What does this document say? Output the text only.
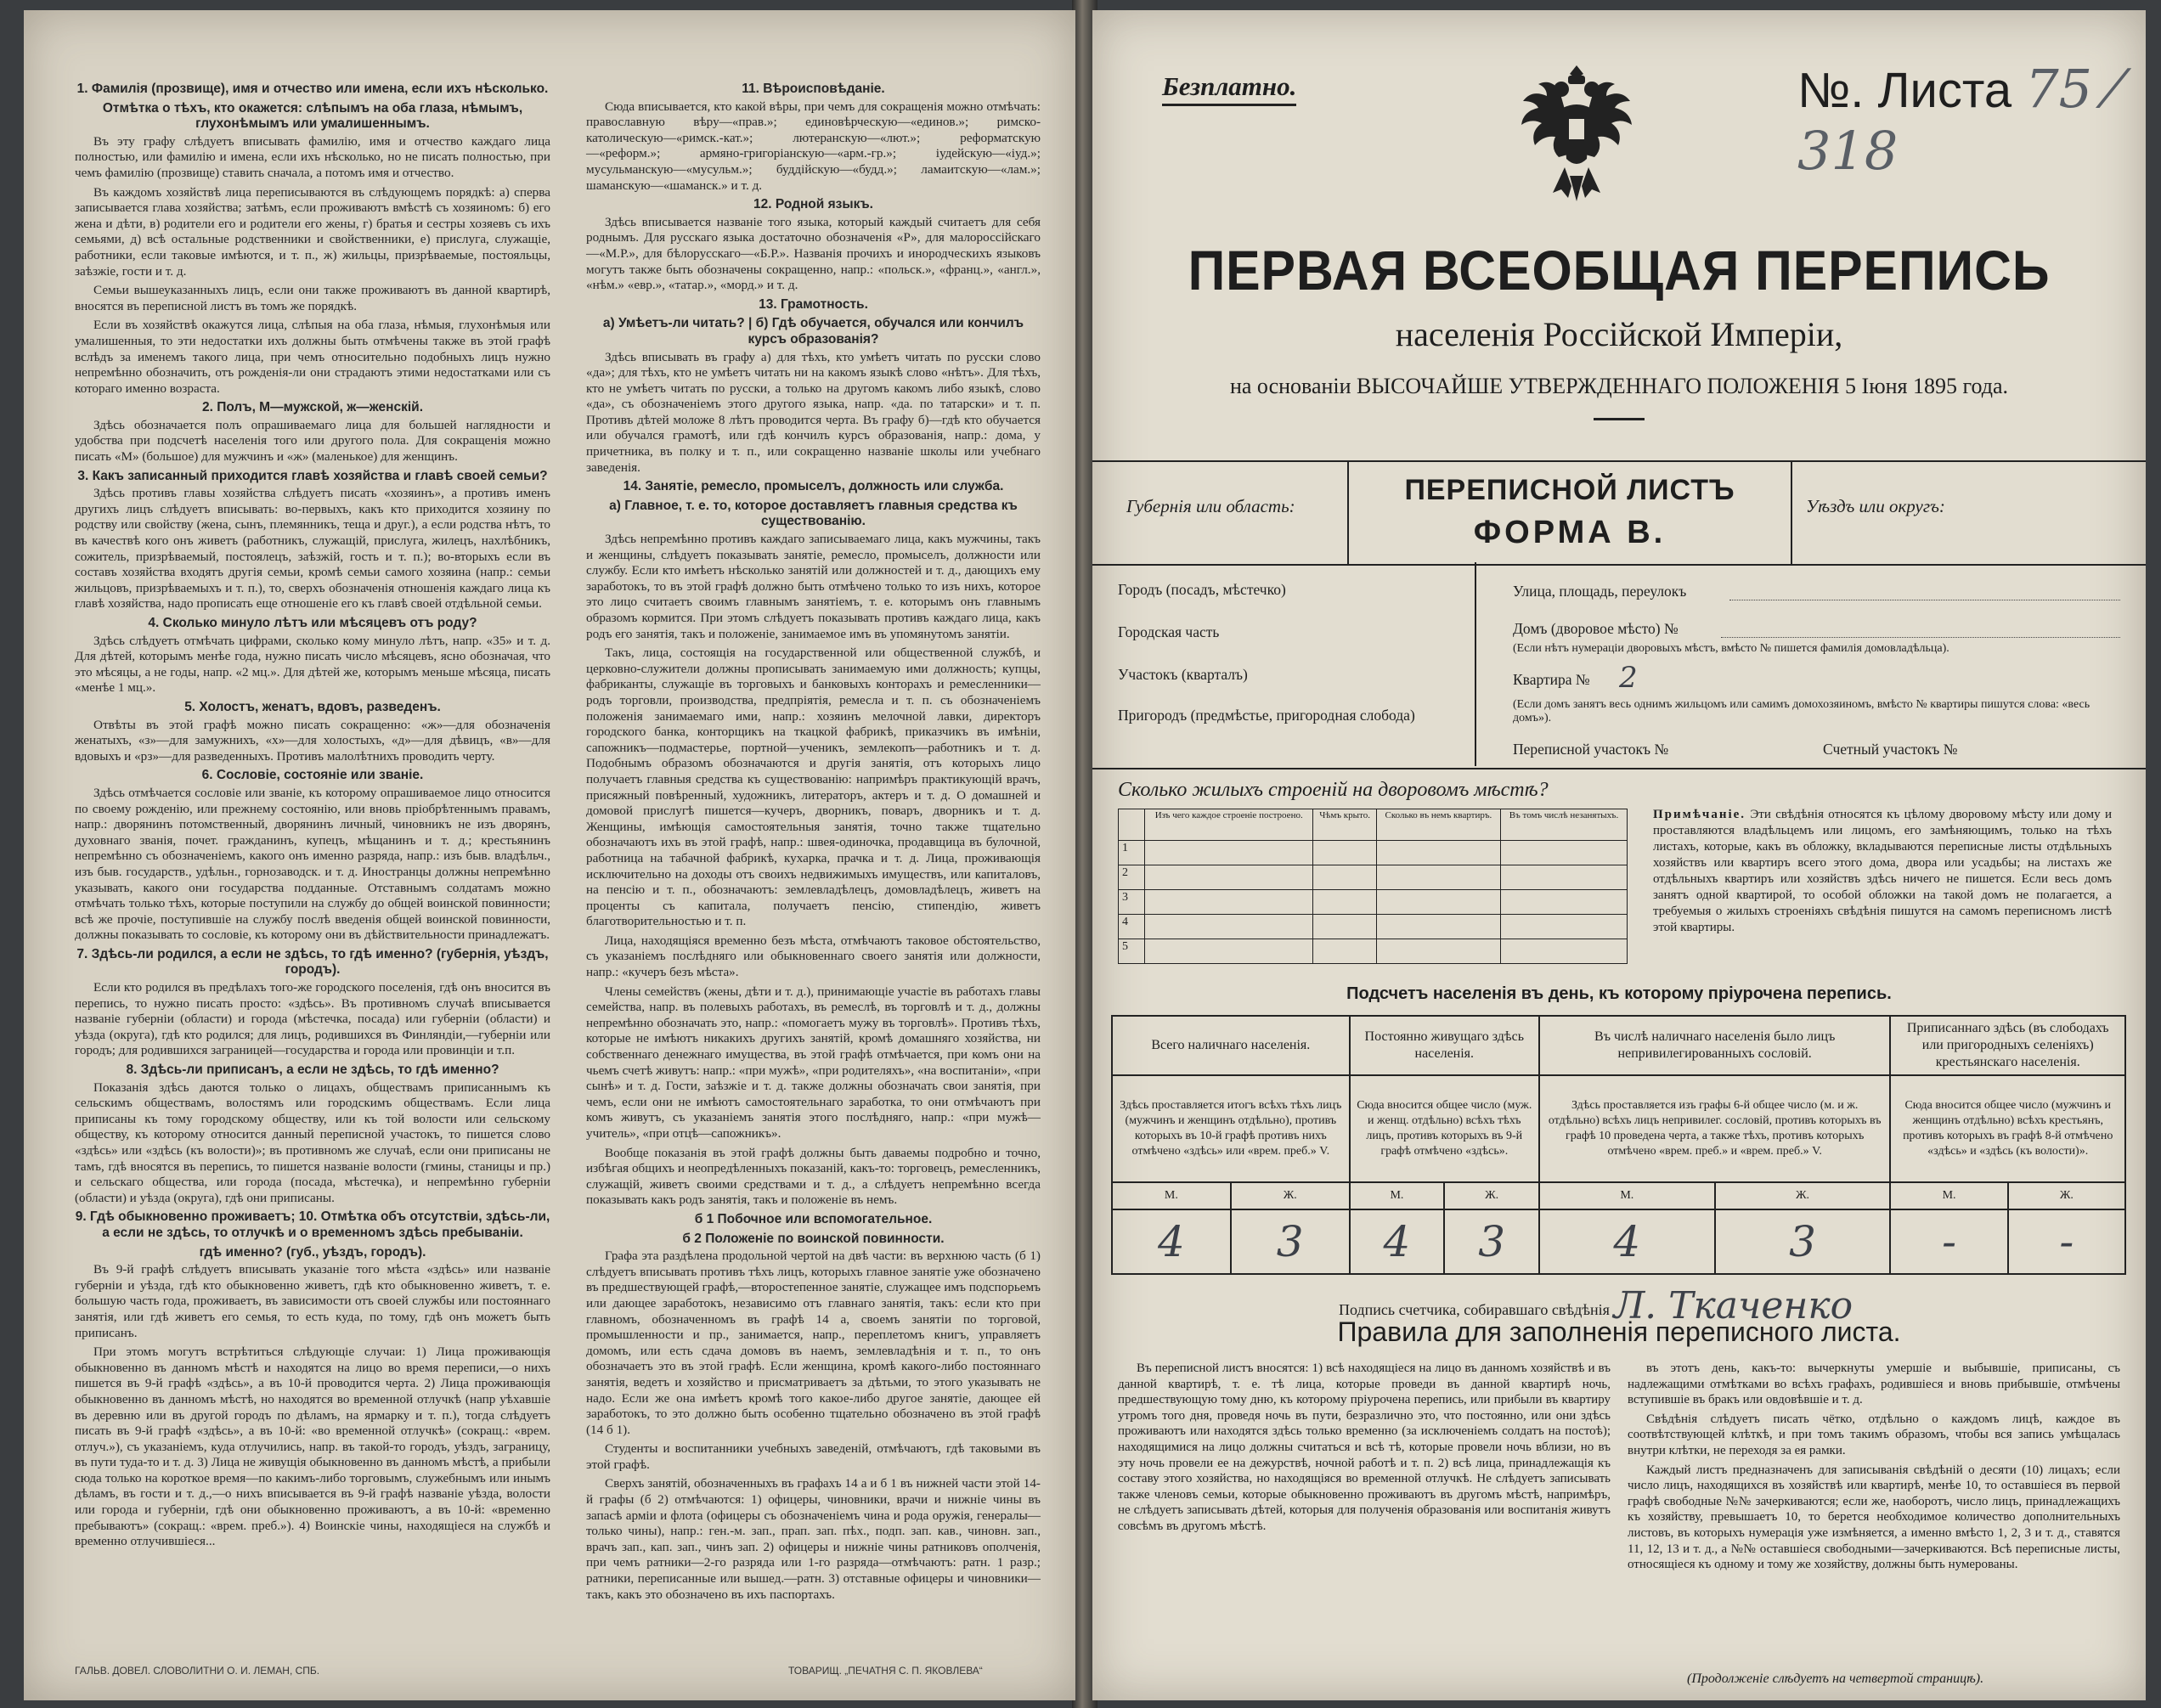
1. Фамилія (прозвище), имя и отчество или имена, если ихъ нѣсколько.
Отмѣтка о тѣхъ, кто окажется: слѣпымъ на оба глаза, нѣмымъ, глухонѣмымъ или умалишеннымъ.

Въ эту графу слѣдуетъ вписывать фамилію, имя и отчество каждаго лица полностью, или фамилію и имена, если ихъ нѣсколько, но не писать полностью, при чемъ фамилію (прозвище) ставить сначала, а потомъ имя и отчество.

Въ каждомъ хозяйствѣ лица переписываются въ слѣдующемъ порядкѣ: а) сперва записывается глава хозяйства; затѣмъ, если проживаютъ вмѣстѣ съ хозяиномъ: б) его жена и дѣти, в) родители его и родители его жены, г) братья и сестры хозяевъ съ ихъ семьями, д) всѣ остальные родственники и свойственники, е) прислуга, служащіе, работники, если таковые имѣются, и т. п., ж) жильцы, призрѣваемые, постояльцы, заѣзжіе, гости и т. д.

Семьи вышеуказанныхъ лицъ, если они также проживаютъ въ данной квартирѣ, вносятся въ переписной листъ въ томъ же порядкѣ.

Если въ хозяйствѣ окажутся лица, слѣпыя на оба глаза, нѣмыя, глухонѣмыя или умалишенныя, то эти недостатки ихъ должны быть отмѣчены также въ этой графѣ вслѣдъ за именемъ такого лица, при чемъ относительно подобныхъ лицъ нужно непремѣнно обозначить, отъ рожденія-ли они страдаютъ этими недостатками или съ котораго именно возраста.

2. Полъ, М—мужской, ж—женскій.

Здѣсь обозначается полъ опрашиваемаго лица для большей наглядности и удобства при подсчетѣ населенія того или другого пола. Для сокращенія можно писать «М» (большое) для мужчинъ и «ж» (маленькое) для женщинъ.

3. Какъ записанный приходится главѣ хозяйства и главѣ своей семьи?

Здѣсь противъ главы хозяйства слѣдуетъ писать «хозяинъ», а противъ именъ другихъ лицъ слѣдуетъ вписывать: во-первыхъ, какъ кто приходится хозяину по родству или свойству (жена, сынъ, племянникъ, теща и друг.), а если родства нѣтъ, то въ качествѣ кого онъ живетъ (работникъ, служащій, прислуга, жилецъ, нахлѣбникъ, сожитель, призрѣваемый, постоялецъ, заѣзжій, гость и т. п.); во-вторыхъ если въ составъ хозяйства входятъ другія семьи, кромѣ семьи самого хозяина (напр.: семьи жильцовъ, призрѣваемыхъ и т. п.), то, сверхъ обозначенія отношенія каждаго лица къ главѣ хозяйства, надо прописать еще отношеніе его къ главѣ своей отдѣльной семьи.

4. Сколько минуло лѣтъ или мѣсяцевъ отъ роду?

Здѣсь слѣдуетъ отмѣчать цифрами, сколько кому минуло лѣтъ, напр. «35» и т. д. Для дѣтей, которымъ менѣе года, нужно писать число мѣсяцевъ, ясно обозначая, что это мѣсяцы, а не годы, напр. «2 мц.». Для дѣтей же, которымъ меньше мѣсяца, писать «менѣе 1 мц.».

5. Холостъ, женатъ, вдовъ, разведенъ.

Отвѣты въ этой графѣ можно писать сокращенно: «ж»—для обозначенія женатыхъ, «з»—для замужнихъ, «х»—для холостыхъ, «д»—для дѣвицъ, «в»—для вдовыхъ и «рз»—для разведенныхъ. Противъ малолѣтнихъ проводить черту.

6. Сословіе, состояніе или званіе.

Здѣсь отмѣчается сословіе или званіе, къ которому опрашиваемое лицо относится по своему рожденію, или прежнему состоянію, или вновь пріобрѣтеннымъ правамъ, напр.: дворянинъ потомственный, дворянинъ личный, чиновникъ не изъ дворянъ, духовнаго званія, почет. гражданинъ, купецъ, мѣщанинъ и т. д.; крестьянинъ непремѣнно съ обозначеніемъ, какого онъ именно разряда, напр.: изъ быв. владѣльч., изъ быв. государств., удѣльн., горнозаводск. и т. д. Иностранцы должны непремѣнно указывать, какого они государства подданные. Отставнымъ солдатамъ можно отмѣчать только тѣхъ, которые поступили на службу до общей воинской повинности; всѣ же прочіе, поступившіе на службу послѣ введенія общей воинской повинности, должны показывать то сословіе, къ которому они въ дѣйствительности принадлежатъ.

7. Здѣсь-ли родился, а если не здѣсь, то гдѣ именно? (губернія, уѣздъ, городъ).

Если кто родился въ предѣлахъ того-же городского поселенія, гдѣ онъ вносится въ перепись, то нужно писать просто: «здѣсь». Въ противномъ случаѣ вписывается названіе губерніи (области) и города (мѣстечка, посада) или губерніи (области) и уѣзда (округа), гдѣ кто родился; для лицъ, родившихся въ Финляндіи,—губерніи или городъ; для родившихся заграницей—государства и города или провинціи и т.п.

8. Здѣсь-ли приписанъ, а если не здѣсь, то гдѣ именно?

Показанія здѣсь даются только о лицахъ, обществамъ приписаннымъ къ сельскимъ обществамъ, волостямъ или городскимъ обществамъ. Если лица приписаны къ тому городскому обществу, или къ той волости или сельскому обществу, къ которому относится данный переписной участокъ, то пишется слово «здѣсь» или «здѣсь (къ волости)»; въ противномъ же случаѣ, если они приписаны не тамъ, гдѣ вносятся въ перепись, то пишется названіе волости (гмины, станицы и пр.) и сельскаго общества, или города (посада, мѣстечка), и непремѣнно губерніи (области) и уѣзда (округа), гдѣ они приписаны.

9. Гдѣ обыкновенно проживаетъ; 10. Отмѣтка объ отсутствіи, здѣсь-ли, а если не здѣсь, то отлучкѣ и о временномъ здѣсь пребываніи.
гдѣ именно? (губ., уѣздъ, городъ).

Въ 9-й графѣ слѣдуетъ вписывать указаніе того мѣста «здѣсь» или названіе губерніи и уѣзда, гдѣ кто обыкновенно живетъ, гдѣ кто обыкновенно живетъ, т. е. большую часть года, проживаетъ, въ зависимости отъ своей службы или постояннаго занятія, или гдѣ живетъ его семья, то есть куда, по тому, гдѣ онъ можетъ быть приписанъ.

При этомъ могутъ встрѣтиться слѣдующіе случаи: 1) Лица проживающія обыкновенно въ данномъ мѣстѣ и находятся на лицо во время переписи,—о нихъ пишется въ 9-й графѣ «здѣсь», а въ 10-й проводится черта. 2) Лица проживающія обыкновенно въ данномъ мѣстѣ, но находятся во временной отлучкѣ (напр уѣхавшіе въ деревню или въ другой городъ по дѣламъ, на ярмарку и т. п.), тогда слѣдуетъ писать въ 9-й графѣ «здѣсь», а въ 10-й: «во временной отлучкѣ» (сокращ.: «врем. отлуч.»), съ указаніемъ, куда отлучились, напр. въ такой-то городъ, уѣздъ, заграницу, въ пути туда-то и т. д. 3) Лица не живущія обыкновенно въ данномъ мѣстѣ, а прибыли сюда только на короткое время—по какимъ-либо торговымъ, служебнымъ или инымъ дѣламъ, въ гости и т. д.,—о нихъ вписывается въ 9-й графѣ названіе уѣзда, волости или города и губерніи, гдѣ они обыкновенно проживаютъ, а въ 10-й: «временно пребываютъ» (сокращ.: «врем. преб.»). 4) Воинскіе чины, находящіеся на службѣ и временно отлучившіеся...

11. Вѣроисповѣданіе.

Сюда вписывается, кто какой вѣры, при чемъ для сокращенія можно отмѣчать: православную вѣру—«прав.»; единовѣрческую—«единов.»; римско-католическую—«римск.-кат.»; лютеранскую—«лют.»; реформатскую—«реформ.»; армяно-григоріанскую—«арм.-гр.»; іудейскую—«іуд.»; мусульманскую—«мусульм.»; буддійскую—«будд.»; ламаитскую—«лам.»; шаманскую—«шаманск.» и т. д.

12. Родной языкъ.

Здѣсь вписывается названіе того языка, который каждый считаетъ для себя роднымъ. Для русскаго языка достаточно обозначенія «Р», для малороссійскаго—«М.Р.», для бѣлорусскаго—«Б.Р.». Названія прочихъ и инородческихъ языковъ могутъ также быть обозначены сокращенно, напр.: «польск.», «франц.», «англ.», «нѣм.» «евр.», «татар.», «морд.» и т. д.

13. Грамотность.
а) Умѣетъ-ли читать? | б) Гдѣ обучается, обучался или кончилъ курсъ образованія?

Здѣсь вписывать въ графу а) для тѣхъ, кто умѣетъ читать по русски слово «да»; для тѣхъ, кто не умѣетъ читать ни на какомъ языкѣ слово «нѣтъ». Для тѣхъ, кто не умѣетъ читать по русски, а только на другомъ какомъ либо языкѣ, слово «да», съ обозначеніемъ этого другого языка, напр. «да. по татарски» и т. п. Противъ дѣтей моложе 8 лѣтъ проводится черта. Въ графу б)—гдѣ кто обучается или обучался грамотѣ, или гдѣ кончилъ курсъ образованія, напр.: дома, у причетника, въ полку и т. п., или сокращенно названіе школы или учебнаго заведенія.

14. Занятіе, ремесло, промыселъ, должность или служба.
а) Главное, т. е. то, которое доставляетъ главныя средства къ существованію.

Здѣсь непремѣнно противъ каждаго записываемаго лица, какъ мужчины, такъ и женщины, слѣдуетъ показывать занятіе, ремесло, промыселъ, должности или службу. Если кто имѣетъ нѣсколько занятій или должностей и т. д., дающихъ ему заработокъ, то въ этой графѣ должно быть отмѣчено только то изъ нихъ, которое это лицо считаетъ своимъ главнымъ занятіемъ, т. е. которымъ онъ главнымъ образомъ кормится. При этомъ слѣдуетъ показывать противъ каждаго лица, какъ родъ его занятія, такъ и положеніе, занимаемое имъ въ упомянутомъ занятіи.

Такъ, лица, состоящія на государственной или общественной службѣ, и церковно-служители должны прописывать занимаемую ими должность; купцы, фабриканты, служащіе въ торговыхъ и банковыхъ конторахъ и ремесленники—родъ торговли, производства, предпріятія, ремесла и т. п. съ обозначеніемъ положенія занимаемаго ими, напр.: хозяинъ мелочной лавки, директоръ городского банка, конторщикъ на ткацкой фабрикѣ, приказчикъ въ имѣніи, сапожникъ—подмастерье, портной—ученикъ, землекопъ—работникъ и т. д. Подобнымъ образомъ обозначаются и другія занятія, отъ которыхъ лицо получаетъ главныя средства къ существованію: напримѣръ практикующій врачъ, присяжный повѣренный, художникъ, литераторъ, актеръ и т. д. О домашней и домовой прислугѣ пишется—кучеръ, дворникъ, поваръ, дворникъ и т. д. Женщины, имѣющія самостоятельныя занятія, точно также тщательно обозначаютъ ихъ въ этой графѣ, напр.: швея-одиночка, продавщица въ булочной, работница на табачной фабрикѣ, кухарка, прачка и т. д. Лица, проживающія исключительно на доходы отъ своихъ недвижимыхъ имуществъ, или капиталовъ, на пенсію и т. п., обозначаютъ: землевладѣлецъ, домовладѣлецъ, живетъ на проценты съ капитала, получаетъ пенсію, стипендію, живетъ благотворительностью и т. п.

Лица, находящіяся временно безъ мѣста, отмѣчаютъ таковое обстоятельство, съ указаніемъ послѣдняго или обыкновеннаго своего занятія или должности, напр.: «кучеръ безъ мѣста».

Члены семействъ (жены, дѣти и т. д.), принимающіе участіе въ работахъ главы семейства, напр. въ полевыхъ работахъ, въ ремеслѣ, въ торговлѣ и т. д., должны непремѣнно обозначать это, напр.: «помогаетъ мужу въ торговлѣ». Противъ тѣхъ, которые не имѣютъ никакихъ другихъ занятій, кромѣ домашняго хозяйства, ни собственнаго денежнаго имущества, въ этой графѣ отмѣчается, при комъ они на чьемъ счетѣ живутъ: напр.: «при мужѣ», «при родителяхъ», «на воспитаніи», «при сынѣ» и т. д. Гости, заѣзжіе и т. д. также должны обозначать свои занятія, при чемъ, если они не имѣютъ самостоятельнаго заработка, то они отмѣчаютъ при комъ живутъ, съ указаніемъ занятія этого послѣдняго, напр.: «при мужѣ—учитель», «при отцѣ—сапожникъ».

Вообще показанія въ этой графѣ должны быть даваемы подробно и точно, избѣгая общихъ и неопредѣленныхъ показаній, какъ-то: торговецъ, ремесленникъ, служащій, живетъ своими средствами и т. д., а слѣдуетъ непремѣнно всегда показывать какъ родъ занятія, такъ и положеніе въ немъ.

б 1 Побочное или вспомогательное.
б 2 Положеніе по воинской повинности.

Графа эта раздѣлена продольной чертой на двѣ части: въ верхнюю часть (б 1) слѣдуетъ вписывать противъ тѣхъ лицъ, которыхъ главное занятіе уже обозначено въ предшествующей графѣ,—второстепенное занятіе, служащее имъ подспорьемъ или дающее заработокъ, независимо отъ главнаго занятія, такъ: если кто при главномъ, обозначенномъ въ графѣ 14 а, своемъ занятіи по торговой, промышленности и пр., занимается, напр., переплетомъ книгъ, управляетъ домомъ, или есть сдача домовъ въ наемъ, землевладѣнія и т. п., то онъ обозначаетъ это въ этой графѣ. Если женщина, кромѣ какого-либо постояннаго занятія, ведетъ и хозяйство и присматриваетъ за дѣтьми, то этого указывать не надо. Если же она имѣетъ кромѣ того какое-либо другое занятіе, дающее ей заработокъ, то это должно быть особенно тщательно обозначено въ этой графѣ (14 б 1).

Студенты и воспитанники учебныхъ заведеній, отмѣчаютъ, гдѣ таковыми въ этой графѣ.

Сверхъ занятій, обозначенныхъ въ графахъ 14 а и б 1 въ нижней части этой 14-й графы (б 2) отмѣчаются: 1) офицеры, чиновники, врачи и нижніе чины въ запасѣ арміи и флота (офицеры съ обозначеніемъ чина и рода оружія, генералы—только чины), напр.: ген.-м. зап., прап. зап. пѣх., подп. зап. кав., чиновн. зап., врачъ зап., кап. зап., чинъ зап. 2) офицеры и нижніе чины ратниковъ ополченія, при чемъ ратники—2-го разряда или 1-го разряда—отмѣчаютъ: ратн. 1 разр.; ратники, переписанные или вышед.—ратн. 3) отставные офицеры и чиновники—такъ, какъ это обозначено въ ихъ паспортахъ.

ГАЛЬВ. ДОВЕЛ. СЛОВОЛИТНИ О. И. ЛЕМАН, СПБ.	ТОВАРИЩ. „ПЕЧАТНЯ С. П. ЯКОВЛЕВА“
Безплатно.	№. Листа 75 ⁄ 318
ПЕРВАЯ ВСЕОБЩАЯ ПЕРЕПИСЬ
населенія Россійской Имперіи,
на основаніи ВЫСОЧАЙШЕ УТВЕРЖДЕННАГО ПОЛОЖЕНІЯ 5 Іюня 1895 года.
Губернія или область:	ПЕРЕПИСНОЙ ЛИСТЪ
ФОРМА В.
Уѣздъ или округъ:
Городъ (посадъ, мѣстечко)
Городская часть
Участокъ (кварталъ)
Пригородъ (предмѣстье, пригородная слобода)
Улица, площадь, переулокъ
Домъ (дворовое мѣсто) №
(Если нѣтъ нумераціи дворовыхъ мѣстъ, вмѣсто № пишется фамилія домовладѣльца).
Квартира № 2
(Если домъ занятъ весь однимъ жильцомъ или самимъ домохозяиномъ, вмѣсто № квартиры пишутся слова: «весь домъ»).
Переписной участокъ №	Счетный участокъ №
Сколько жилыхъ строеній на дворовомъ мѣстѣ?
	Изъ чего каждое строеніе построено.	Чѣмъ крыто.	Сколько въ немъ квартиръ.	Въ томъ числѣ незанятыхъ.
1				
2				
3				
4				
5				
Примѣчаніе. Эти свѣдѣнія относятся къ цѣлому дворовому мѣсту или дому и проставляются владѣльцемъ или лицомъ, его замѣняющимъ, только на тѣхъ листахъ, которые, какъ въ обложку, вкладываются переписные листы отдѣльныхъ хозяйствъ или квартиръ всего этого дома, двора или усадьбы; на листахъ же отдѣльныхъ квартиръ или хозяйствъ здѣсь ничего не пишется. Если весь домъ занятъ одной квартирой, то особой обложки на такой домъ не полагается, а требуемыя о жилыхъ строеніяхъ свѣдѣнія пишутся на самомъ переписномъ листѣ этой квартиры.
Подсчетъ населенія въ день, къ которому пріурочена перепись.
Всего наличнаго населенія.		Постоянно живущаго здѣсь населенія.		Въ числѣ наличнаго населенія было лицъ непривилегированныхъ сословій.		Приписаннаго здѣсь (въ слободахъ или пригородныхъ селеніяхъ) крестьянскаго населенія.	
Здѣсь проставляется итогъ всѣхъ тѣхъ лицъ (мужчинъ и женщинъ отдѣльно), противъ которыхъ въ 10-й графѣ противъ нихъ отмѣчено «здѣсь» или «врем. преб.» V.		Сюда вносится общее число (муж. и женщ. отдѣльно) всѣхъ тѣхъ лицъ, противъ которыхъ въ 9-й графѣ отмѣчено «здѣсь».		Здѣсь проставляется изъ графы 6-й общее число (м. и ж. отдѣльно) всѣхъ лицъ непривилег. сословій, противъ которыхъ въ графѣ 10 проведена черта, а также тѣхъ, противъ которыхъ отмѣчено «врем. преб.» и «врем. преб.» V.		Сюда вносится общее число (мужчинъ и женщинъ отдѣльно) всѣхъ крестьянъ, противъ которыхъ въ графѣ 8-й отмѣчено «здѣсь» и «здѣсь (къ волости)».	
М.	Ж.	М.	Ж.	М.	Ж.	М.	Ж.
4	3	4	3	4	3	-	-
Подпись счетчика, собиравшаго свѣдѣнія Л. Ткаченко
Правила для заполненія переписного листа.

Въ переписной листъ вносятся: 1) всѣ находящіеся на лицо въ данномъ хозяйствѣ и въ данной квартирѣ, т. е. тѣ лица, которые проведи въ данной квартирѣ ночь, предшествующую тому дню, къ которому пріурочена перепись, или прибыли въ квартиру утромъ того дня, проведя ночь въ пути, безразлично это, что постоянно, или они здѣсь проживаютъ или находятся здѣсь только временно (за исключеніемъ солдатъ на постоѣ); находящимися на лицо должны считаться и всѣ тѣ, которые провели ночь вблизи, но въ эту ночь провели ее на дежурствѣ, ночной работѣ и т. п. 2) всѣ лица, принадлежащія къ составу этого хозяйства, но находящіяся во временной отлучкѣ. Не слѣдуетъ записывать также членовъ семьи, которые обыкновенно проживаютъ въ другомъ мѣстѣ, напримѣръ, не слѣдуетъ записывать дѣтей, которыя для полученія образованія или воспитанія живутъ совсѣмъ въ другомъ мѣстѣ.

въ этотъ день, какъ-то: вычеркнуты умершіе и выбывшіе, приписаны, съ надлежащими отмѣтками во всѣхъ графахъ, родившіеся и вновь прибывшіе, отмѣчены вступившіе въ бракъ или овдовѣвшіе и т. д.

Свѣдѣнія слѣдуетъ писать чётко, отдѣльно о каждомъ лицѣ, каждое въ соотвѣтствующей клѣткѣ, и при томъ такимъ образомъ, чтобы вся запись умѣщалась внутри клѣтки, не переходя за ея рамки.

Каждый листъ предназначенъ для записыванія свѣдѣній о десяти (10) лицахъ; если число лицъ, находящихся въ хозяйствѣ или квартирѣ, менѣе 10, то оставшіеся въ первой графѣ свободные №№ зачеркиваются; если же, наоборотъ, число лицъ, принадлежащихъ къ хозяйству, превышаетъ 10, то берется необходимое количество дополнительныхъ листовъ, въ которыхъ нумерація уже измѣняется, а именно вмѣсто 1, 2, 3 и т. д., ставятся 11, 12, 13 и т. д., а №№ оставшіеся свободными—зачеркиваются. Всѣ переписные листы, относящіеся къ одному и тому же хозяйству, должны быть нумерованы.

(Продолженіе слѣдуетъ на четвертой страницѣ).
